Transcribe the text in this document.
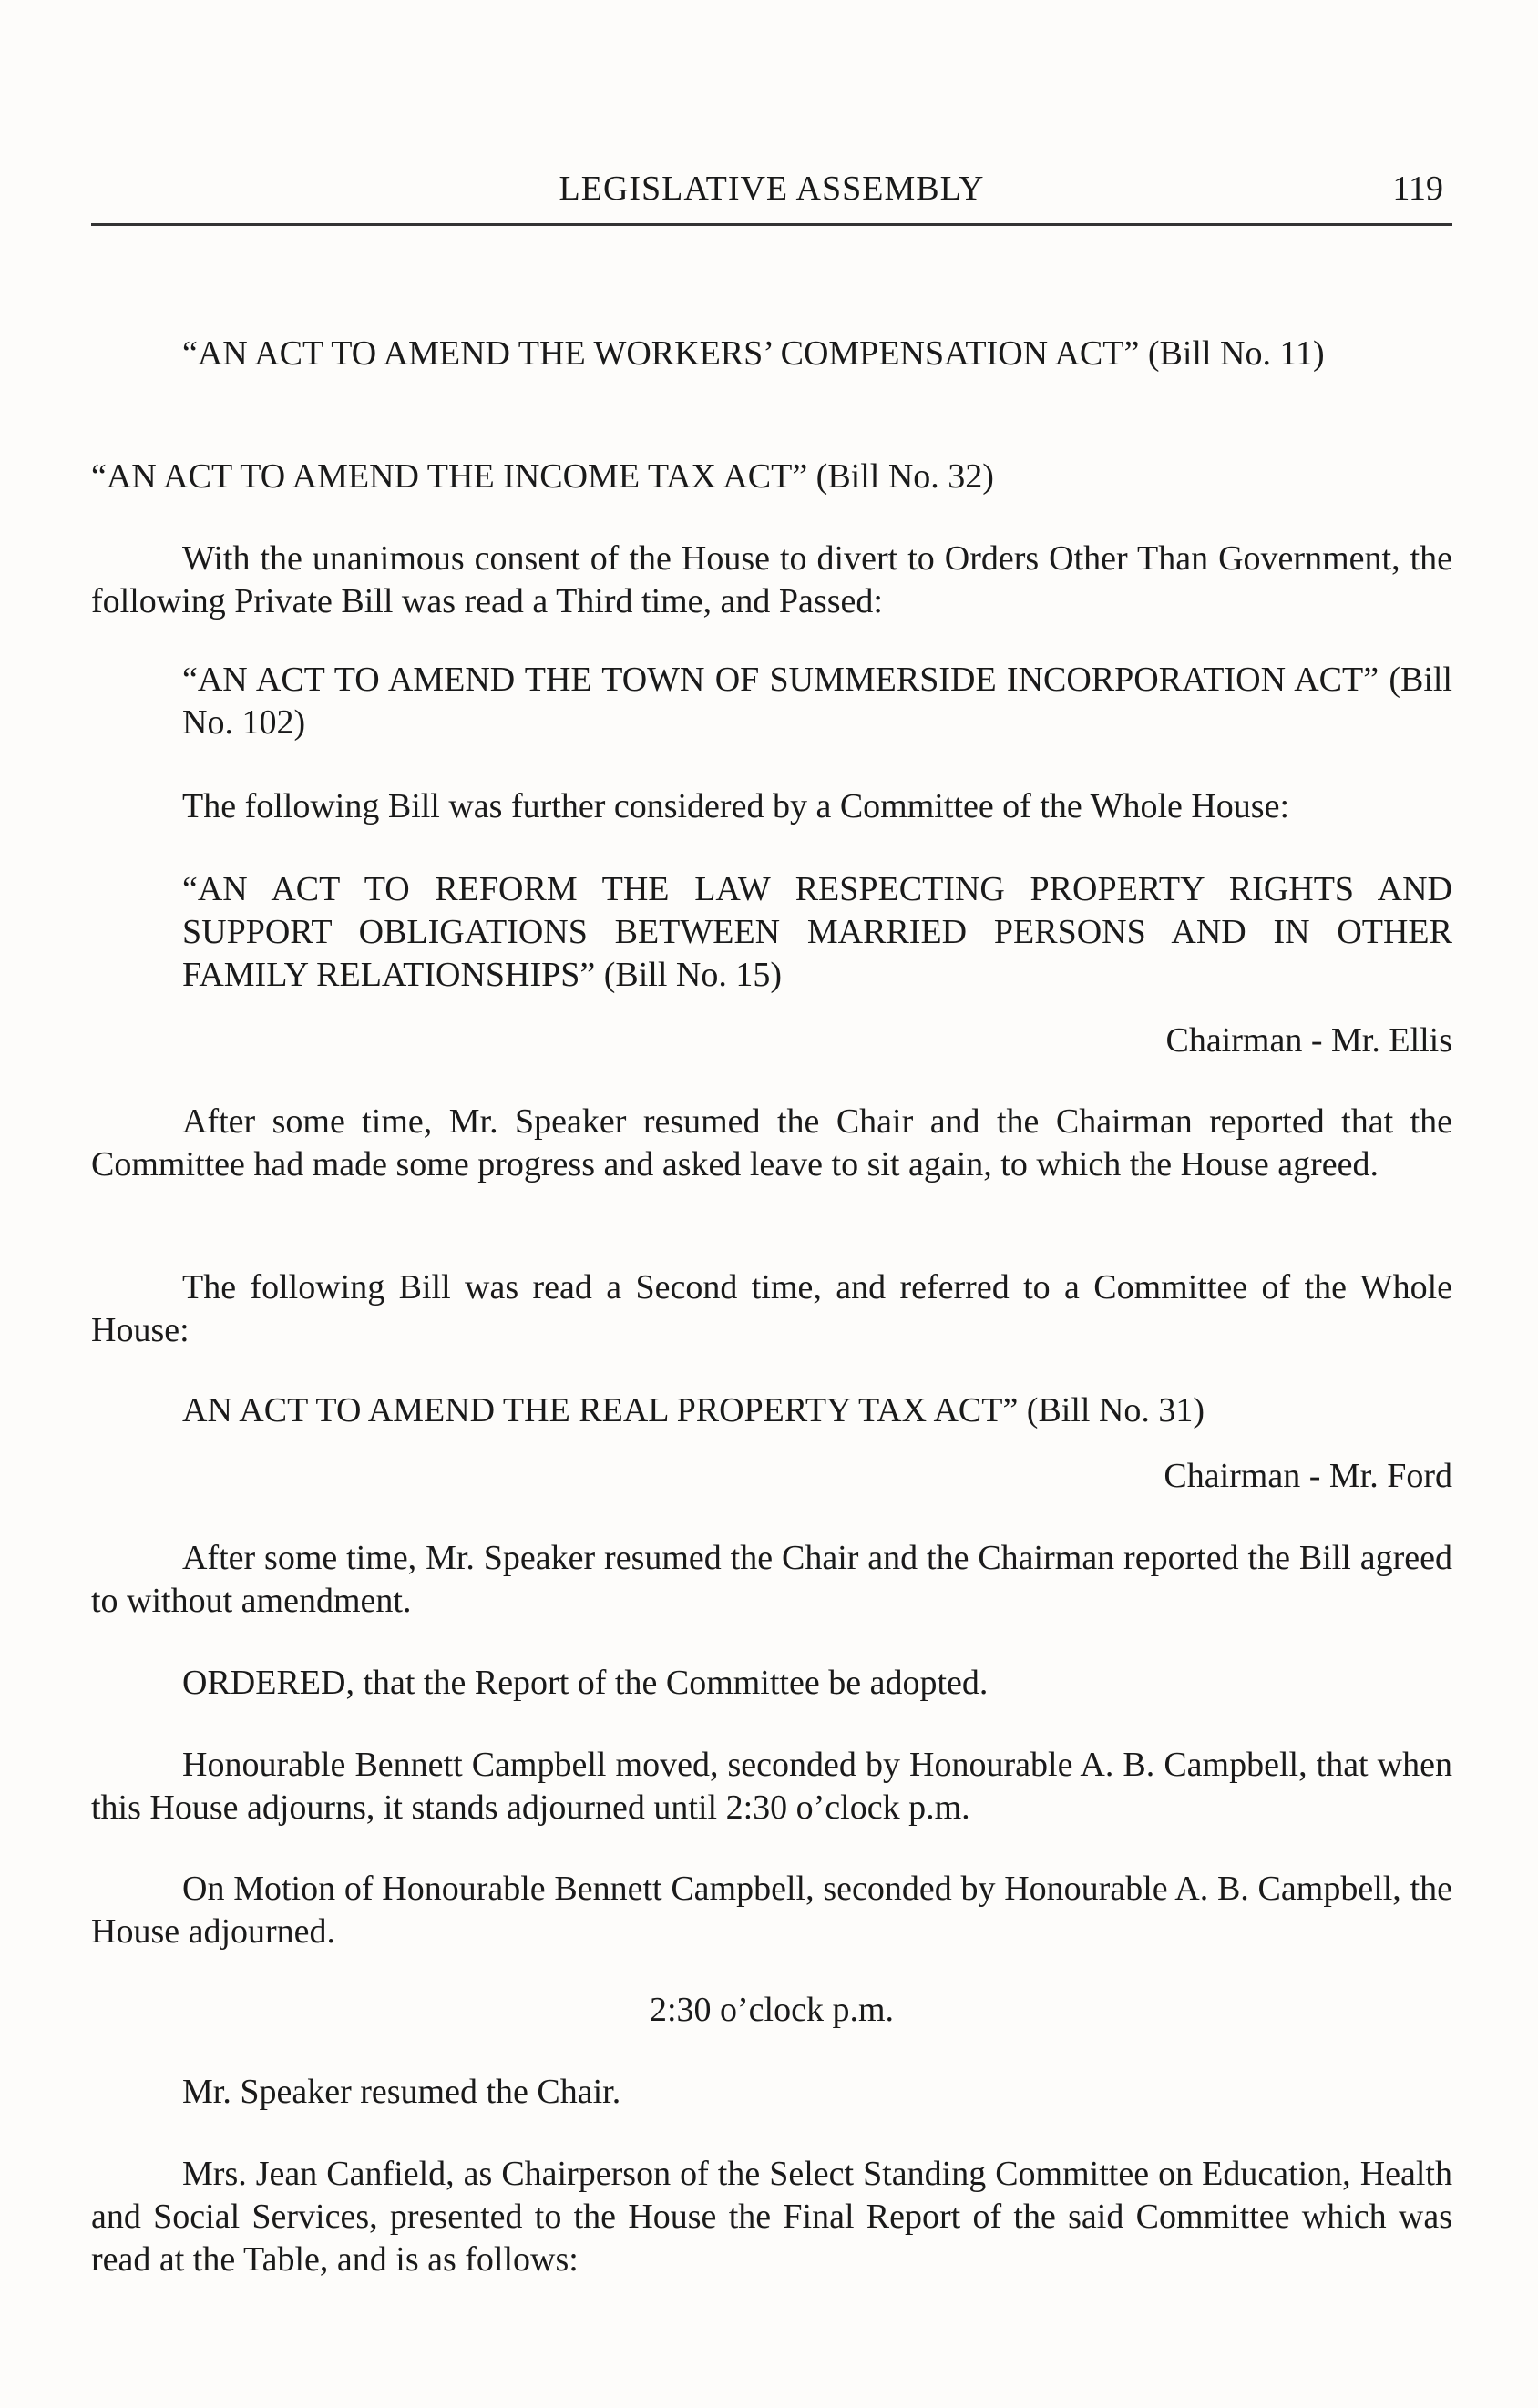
LEGISLATIVE ASSEMBLY	119
“AN ACT TO AMEND THE WORKERS’ COMPENSATION ACT” (Bill No. 11)
“AN ACT TO AMEND THE INCOME TAX ACT” (Bill No. 32)
With the unanimous consent of the House to divert to Orders Other Than Government, the following Private Bill was read a Third time, and Passed:
“AN ACT TO AMEND THE TOWN OF SUMMERSIDE INCORPORATION ACT” (Bill No. 102)
The following Bill was further considered by a Committee of the Whole House:
“AN ACT TO REFORM THE LAW RESPECTING PROPERTY RIGHTS AND SUPPORT OBLIGATIONS BETWEEN MARRIED PERSONS AND IN OTHER FAMILY RELATIONSHIPS” (Bill No. 15)
Chairman - Mr. Ellis
After some time, Mr. Speaker resumed the Chair and the Chairman reported that the Committee had made some progress and asked leave to sit again, to which the House agreed.
The following Bill was read a Second time, and referred to a Committee of the Whole House:
AN ACT TO AMEND THE REAL PROPERTY TAX ACT” (Bill No. 31)
Chairman - Mr. Ford
After some time, Mr. Speaker resumed the Chair and the Chairman reported the Bill agreed to without amendment.
ORDERED, that the Report of the Committee be adopted.
Honourable Bennett Campbell moved, seconded by Honourable A. B. Campbell, that when this House adjourns, it stands adjourned until 2:30 o’clock p.m.
On Motion of Honourable Bennett Campbell, seconded by Honourable A. B. Campbell, the House adjourned.
2:30 o’clock p.m.
Mr. Speaker resumed the Chair.
Mrs. Jean Canfield, as Chairperson of the Select Standing Committee on Education, Health and Social Services, presented to the House the Final Report of the said Committee which was read at the Table, and is as follows:
